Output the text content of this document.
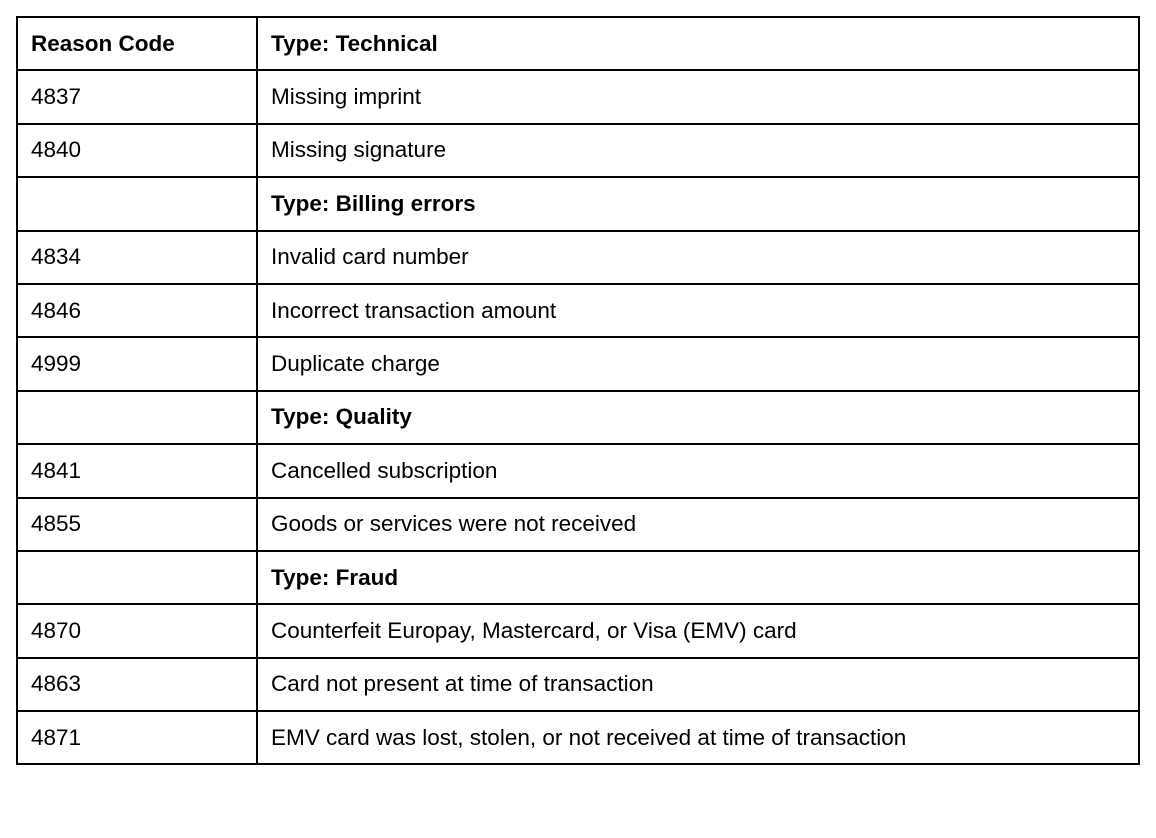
Reason Code	Type: Technical
4837	Missing imprint
4840	Missing signature
	Type: Billing errors
4834	Invalid card number
4846	Incorrect transaction amount
4999	Duplicate charge
	Type: Quality
4841	Cancelled subscription
4855	Goods or services were not received
	Type: Fraud
4870	Counterfeit Europay, Mastercard, or Visa (EMV) card
4863	Card not present at time of transaction
4871	EMV card was lost, stolen, or not received at time of transaction
